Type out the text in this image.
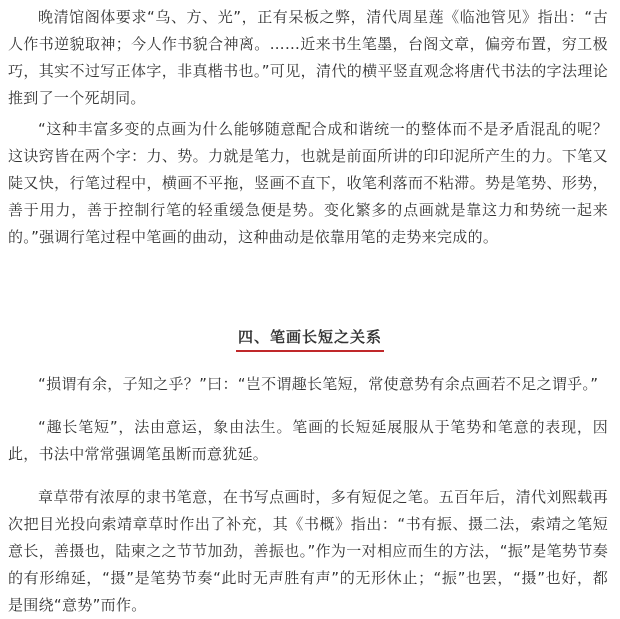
晚清馆阁体要求“乌、方、光”，正有呆板之弊，清代周星莲《临池管见》指出：“古人作书逆貌取神；今人作书貌合神离。……近来书生笔墨，台阁文章，偏旁布置，穷工极巧，其实不过写正体字，非真楷书也。”可见，清代的横平竖直观念将唐代书法的字法理论推到了一个死胡同。

“这种丰富多变的点画为什么能够随意配合成和谐统一的整体而不是矛盾混乱的呢？这诀窍皆在两个字：力、势。力就是笔力，也就是前面所讲的印印泥所产生的力。下笔又陡又快，行笔过程中，横画不平拖，竖画不直下，收笔利落而不粘滞。势是笔势、形势，善于用力，善于控制行笔的轻重缓急便是势。变化繁多的点画就是靠这力和势统一起来的。”强调行笔过程中笔画的曲动，这种曲动是依靠用笔的走势来完成的。

四、笔画长短之关系

“损谓有余，子知之乎？”曰：“岂不谓趣长笔短，常使意势有余点画若不足之谓乎。”

“趣长笔短”，法由意运，象由法生。笔画的长短延展服从于笔势和笔意的表现，因此，书法中常常强调笔虽断而意犹延。

章草带有浓厚的隶书笔意，在书写点画时，多有短促之笔。五百年后，清代刘熙载再次把目光投向索靖章草时作出了补充，其《书概》指出：“书有振、摄二法，索靖之笔短意长，善摄也，陆柬之之节节加劲，善振也。”作为一对相应而生的方法，“振”是笔势节奏的有形绵延，“摄”是笔势节奏“此时无声胜有声”的无形休止；“振”也罢，“摄”也好，都是围绕“意势”而作。
